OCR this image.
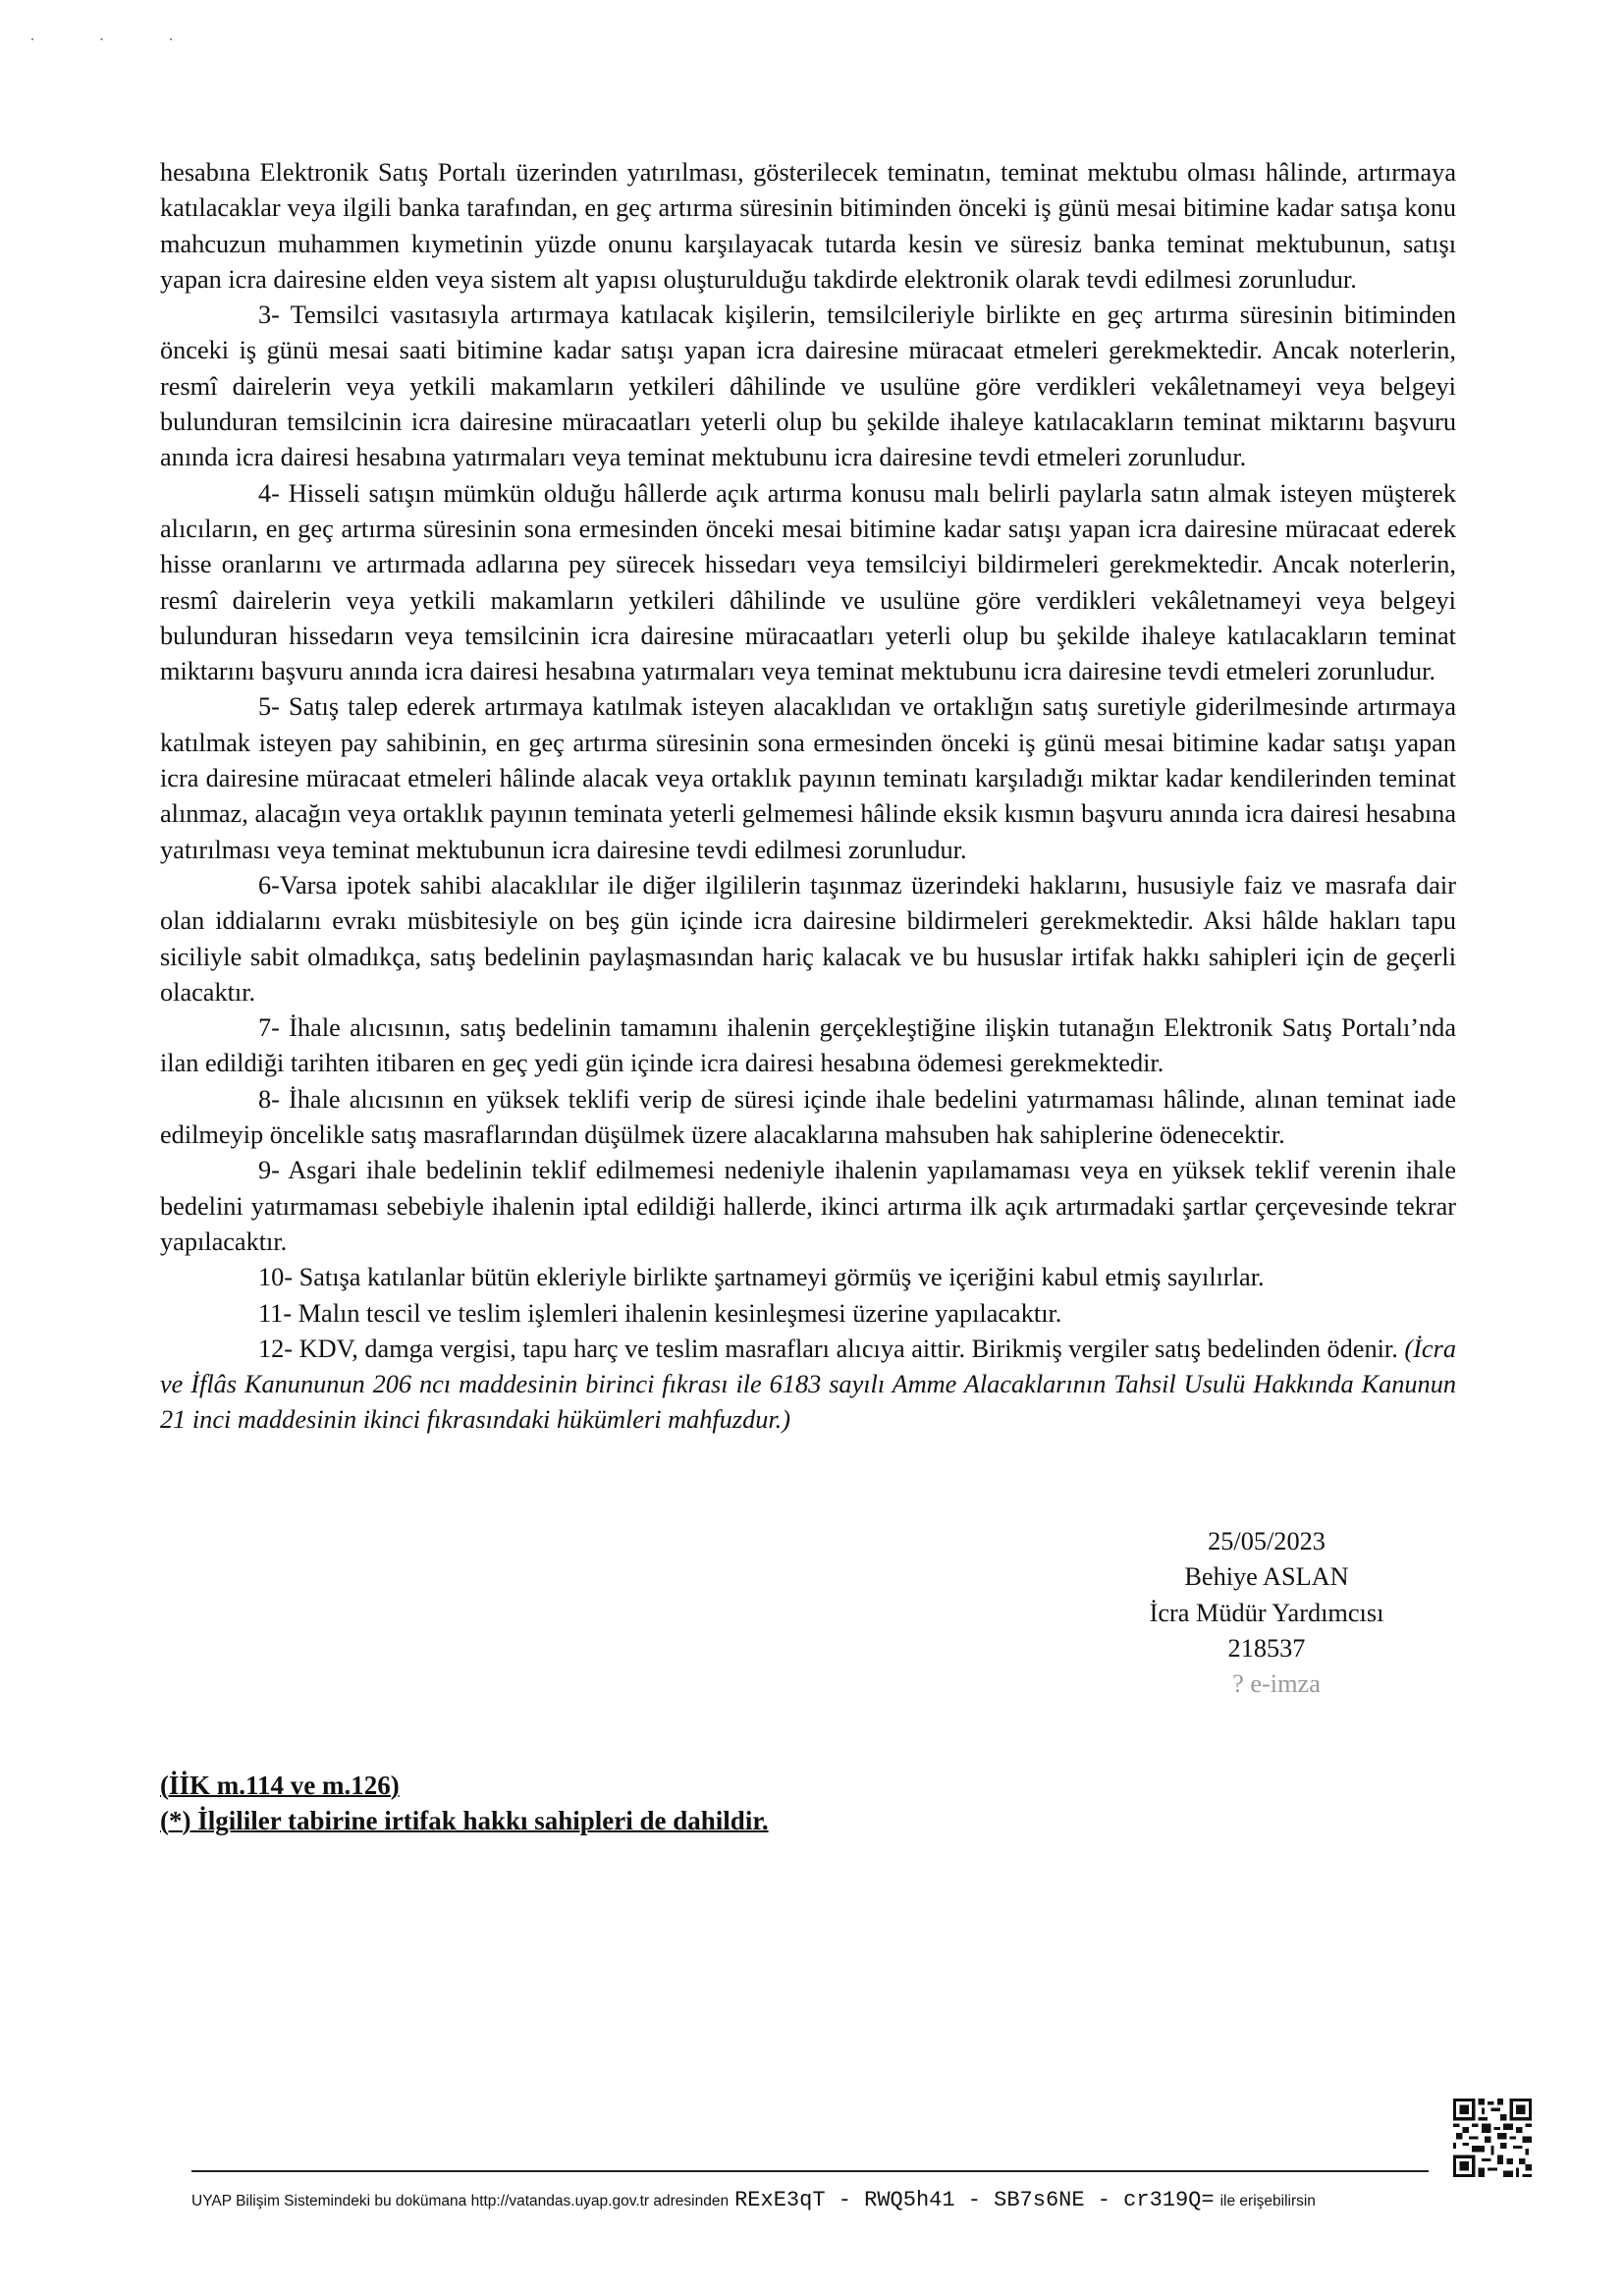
· · ·

hesabına Elektronik Satış Portalı üzerinden yatırılması, gösterilecek teminatın, teminat mektubu olması hâlinde, artırmaya katılacaklar veya ilgili banka tarafından, en geç artırma süresinin bitiminden önceki iş günü mesai bitimine kadar satışa konu mahcuzun muhammen kıymetinin yüzde onunu karşılayacak tutarda kesin ve süresiz banka teminat mektubunun, satışı yapan icra dairesine elden veya sistem alt yapısı oluşturulduğu takdirde elektronik olarak tevdi edilmesi zorunludur.

3- Temsilci vasıtasıyla artırmaya katılacak kişilerin, temsilcileriyle birlikte en geç artırma süresinin bitiminden önceki iş günü mesai saati bitimine kadar satışı yapan icra dairesine müracaat etmeleri gerekmektedir. Ancak noterlerin, resmî dairelerin veya yetkili makamların yetkileri dâhilinde ve usulüne göre verdikleri vekâletnameyi veya belgeyi bulunduran temsilcinin icra dairesine müracaatları yeterli olup bu şekilde ihaleye katılacakların teminat miktarını başvuru anında icra dairesi hesabına yatırmaları veya teminat mektubunu icra dairesine tevdi etmeleri zorunludur.

4- Hisseli satışın mümkün olduğu hâllerde açık artırma konusu malı belirli paylarla satın almak isteyen müşterek alıcıların, en geç artırma süresinin sona ermesinden önceki mesai bitimine kadar satışı yapan icra dairesine müracaat ederek hisse oranlarını ve artırmada adlarına pey sürecek hissedarı veya temsilciyi bildirmeleri gerekmektedir. Ancak noterlerin, resmî dairelerin veya yetkili makamların yetkileri dâhilinde ve usulüne göre verdikleri vekâletnameyi veya belgeyi bulunduran hissedarın veya temsilcinin icra dairesine müracaatları yeterli olup bu şekilde ihaleye katılacakların teminat miktarını başvuru anında icra dairesi hesabına yatırmaları veya teminat mektubunu icra dairesine tevdi etmeleri zorunludur.

5- Satış talep ederek artırmaya katılmak isteyen alacaklıdan ve ortaklığın satış suretiyle giderilmesinde artırmaya katılmak isteyen pay sahibinin, en geç artırma süresinin sona ermesinden önceki iş günü mesai bitimine kadar satışı yapan icra dairesine müracaat etmeleri hâlinde alacak veya ortaklık payının teminatı karşıladığı miktar kadar kendilerinden teminat alınmaz, alacağın veya ortaklık payının teminata yeterli gelmemesi hâlinde eksik kısmın başvuru anında icra dairesi hesabına yatırılması veya teminat mektubunun icra dairesine tevdi edilmesi zorunludur.

6-Varsa ipotek sahibi alacaklılar ile diğer ilgililerin taşınmaz üzerindeki haklarını, hususiyle faiz ve masrafa dair olan iddialarını evrakı müsbitesiyle on beş gün içinde icra dairesine bildirmeleri gerekmektedir. Aksi hâlde hakları tapu siciliyle sabit olmadıkça, satış bedelinin paylaşmasından hariç kalacak ve bu hususlar irtifak hakkı sahipleri için de geçerli olacaktır.

7- İhale alıcısının, satış bedelinin tamamını ihalenin gerçekleştiğine ilişkin tutanağın Elektronik Satış Portalı’nda ilan edildiği tarihten itibaren en geç yedi gün içinde icra dairesi hesabına ödemesi gerekmektedir.

8- İhale alıcısının en yüksek teklifi verip de süresi içinde ihale bedelini yatırmaması hâlinde, alınan teminat iade edilmeyip öncelikle satış masraflarından düşülmek üzere alacaklarına mahsuben hak sahiplerine ödenecektir.

9- Asgari ihale bedelinin teklif edilmemesi nedeniyle ihalenin yapılamaması veya en yüksek teklif verenin ihale bedelini yatırmaması sebebiyle ihalenin iptal edildiği hallerde, ikinci artırma ilk açık artırmadaki şartlar çerçevesinde tekrar yapılacaktır.

10- Satışa katılanlar bütün ekleriyle birlikte şartnameyi görmüş ve içeriğini kabul etmiş sayılırlar.

11- Malın tescil ve teslim işlemleri ihalenin kesinleşmesi üzerine yapılacaktır.

12- KDV, damga vergisi, tapu harç ve teslim masrafları alıcıya aittir. Birikmiş vergiler satış bedelinden ödenir. (İcra ve İflâs Kanununun 206 ncı maddesinin birinci fıkrası ile 6183 sayılı Amme Alacaklarının Tahsil Usulü Hakkında Kanunun 21 inci maddesinin ikinci fıkrasındaki hükümleri mahfuzdur.)

25/05/2023
Behiye ASLAN
İcra Müdür Yardımcısı
218537
? e-imza
(İİK m.114 ve m.126)
(*) İlgililer tabirine irtifak hakkı sahipleri de dahildir.
UYAP Bilişim Sistemindeki bu dokümana http://vatandas.uyap.gov.tr adresinden RExE3qT - RWQ5h41 - SB7s6NE - cr319Q= ile erişebilirsin
